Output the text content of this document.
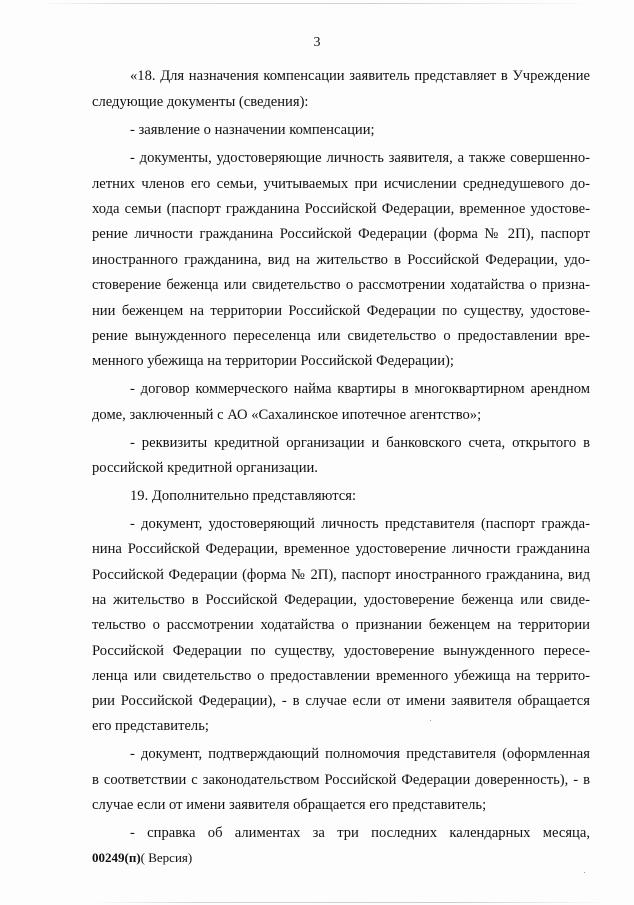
3
«18. Для назначения компенсации заявитель представляет в Учреждение
следующие документы (сведения):
- заявление о назначении компенсации;
- документы, удостоверяющие личность заявителя, а также совершенно-
летних членов его семьи, учитываемых при исчислении среднедушевого до-
хода семьи (паспорт гражданина Российской Федерации, временное удостове-
рение личности гражданина Российской Федерации (форма № 2П), паспорт
иностранного гражданина, вид на жительство в Российской Федерации, удо-
стоверение беженца или свидетельство о рассмотрении ходатайства о призна-
нии беженцем на территории Российской Федерации по существу, удостове-
рение вынужденного переселенца или свидетельство о предоставлении вре-
менного убежища на территории Российской Федерации);
- договор коммерческого найма квартиры в многоквартирном арендном
доме, заключенный с АО «Сахалинское ипотечное агентство»;
- реквизиты кредитной организации и банковского счета, открытого в
российской кредитной организации.
19. Дополнительно представляются:
- документ, удостоверяющий личность представителя (паспорт гражда-
нина Российской Федерации, временное удостоверение личности гражданина
Российской Федерации (форма № 2П), паспорт иностранного гражданина, вид
на жительство в Российской Федерации, удостоверение беженца или свиде-
тельство о рассмотрении ходатайства о признании беженцем на территории
Российской Федерации по существу, удостоверение вынужденного пересе-
ленца или свидетельство о предоставлении временного убежища на террито-
рии Российской Федерации), - в случае если от имени заявителя обращается
его представитель;
- документ, подтверждающий полномочия представителя (оформленная
в соответствии с законодательством Российской Федерации доверенность), - в
случае если от имени заявителя обращается его представитель;
- справка об алиментах за три последних календарных месяца,
00249(п)( Версия)
